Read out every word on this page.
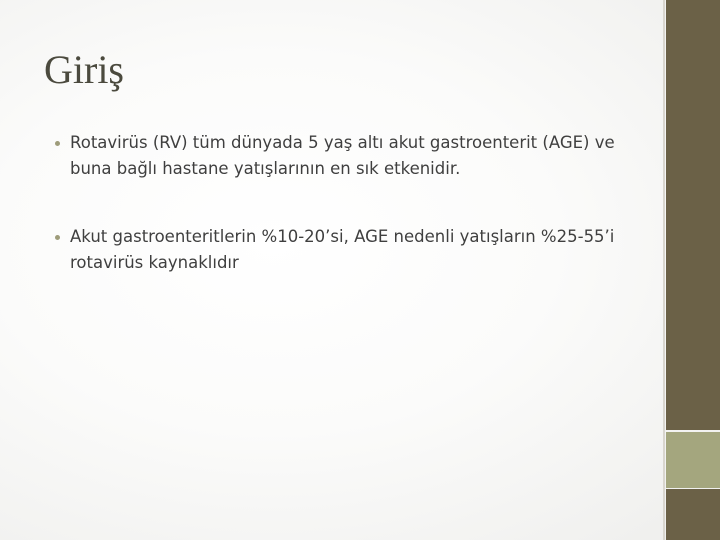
Giriş
Rotavirüs (RV) tüm dünyada 5 yaş altı akut gastroenterit (AGE) ve buna bağlı hastane yatışlarının en sık etkenidir.
Akut gastroenteritlerin %10-20’si, AGE nedenli yatışların %25-55’i rotavirüs kaynaklıdır
